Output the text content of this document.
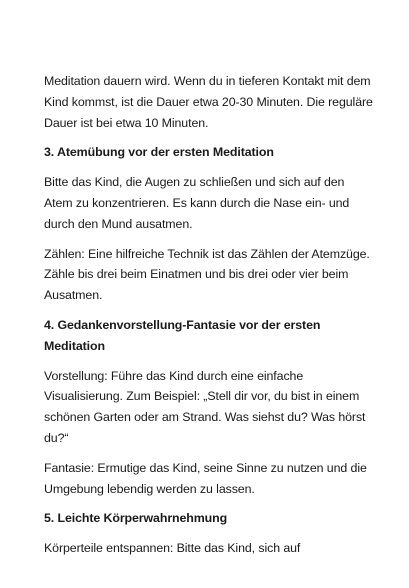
Meditation dauern wird. Wenn du in tieferen Kontakt mit dem Kind kommst, ist die Dauer etwa 20-30 Minuten. Die reguläre Dauer ist bei etwa 10 Minuten.

3. Atemübung vor der ersten Meditation

Bitte das Kind, die Augen zu schließen und sich auf den Atem zu konzentrieren. Es kann durch die Nase ein- und durch den Mund ausatmen.

Zählen: Eine hilfreiche Technik ist das Zählen der Atemzüge. Zähle bis drei beim Einatmen und bis drei oder vier beim Ausatmen.

4. Gedankenvorstellung-Fantasie vor der ersten Meditation

Vorstellung: Führe das Kind durch eine einfache Visualisierung. Zum Beispiel: „Stell dir vor, du bist in einem schönen Garten oder am Strand. Was siehst du? Was hörst du?“

Fantasie: Ermutige das Kind, seine Sinne zu nutzen und die Umgebung lebendig werden zu lassen.

5. Leichte Körperwahrnehmung

Körperteile entspannen: Bitte das Kind, sich auf
